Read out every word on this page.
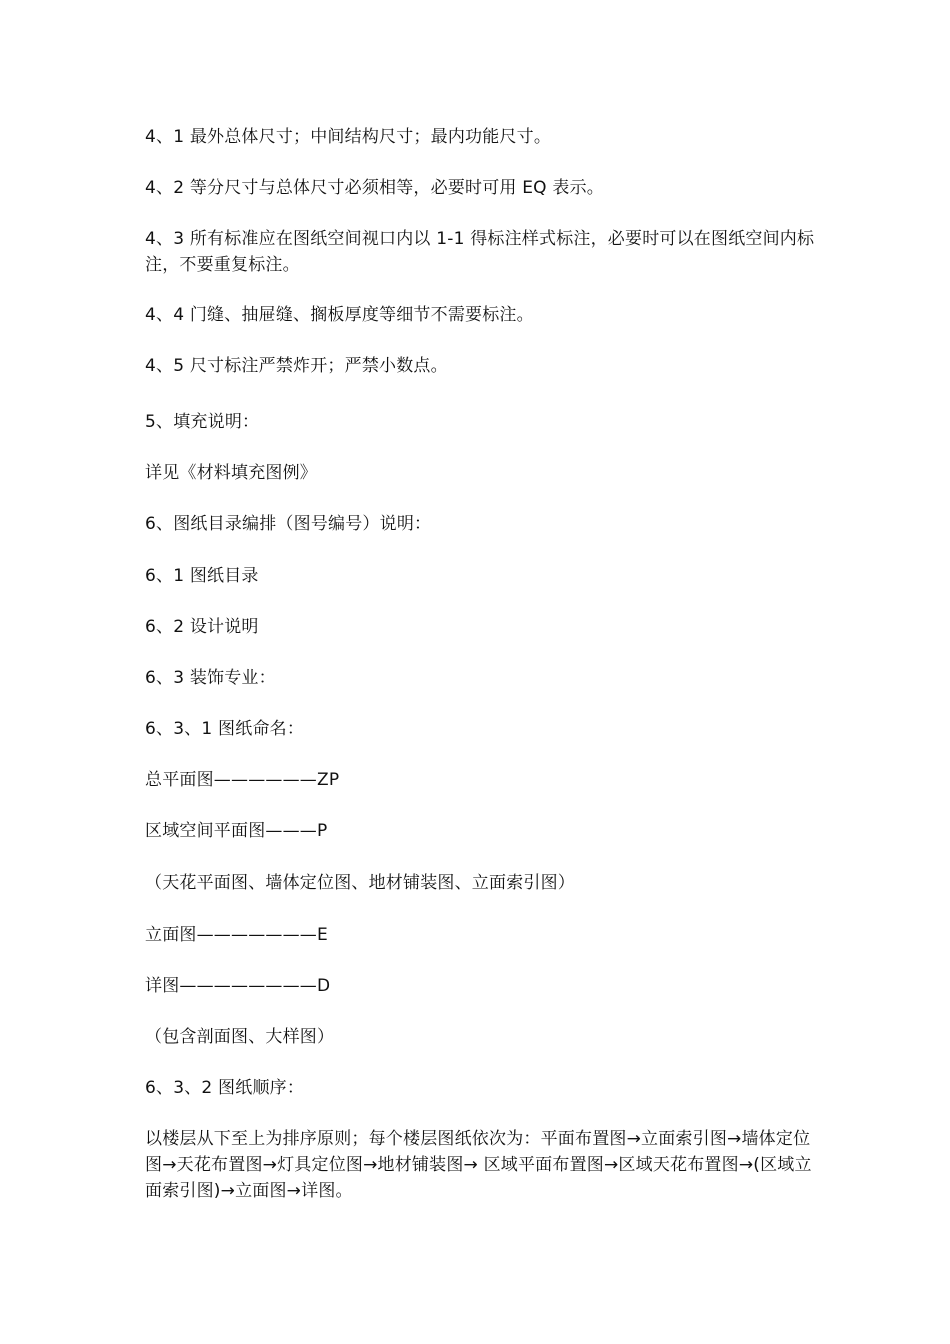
4、1 最外总体尺寸；中间结构尺寸；最内功能尺寸。
4、2 等分尺寸与总体尺寸必须相等，必要时可用 EQ 表示。
4、3 所有标准应在图纸空间视口内以 1-1 得标注样式标注，必要时可以在图纸空间内标注，不要重复标注。
4、4 门缝、抽屉缝、搁板厚度等细节不需要标注。
4、5 尺寸标注严禁炸开；严禁小数点。
5、填充说明：
详见《材料填充图例》
6、图纸目录编排（图号编号）说明：
6、1 图纸目录
6、2 设计说明
6、3 装饰专业：
6、3、1 图纸命名：
总平面图——————ZP
区域空间平面图———P
（天花平面图、墙体定位图、地材铺装图、立面索引图）
立面图———————E
详图————————D
（包含剖面图、大样图）
6、3、2 图纸顺序：
以楼层从下至上为排序原则；每个楼层图纸依次为：平面布置图→立面索引图→墙体定位图→天花布置图→灯具定位图→地材铺装图→ 区域平面布置图→区域天花布置图→(区域立面索引图)→立面图→详图。
